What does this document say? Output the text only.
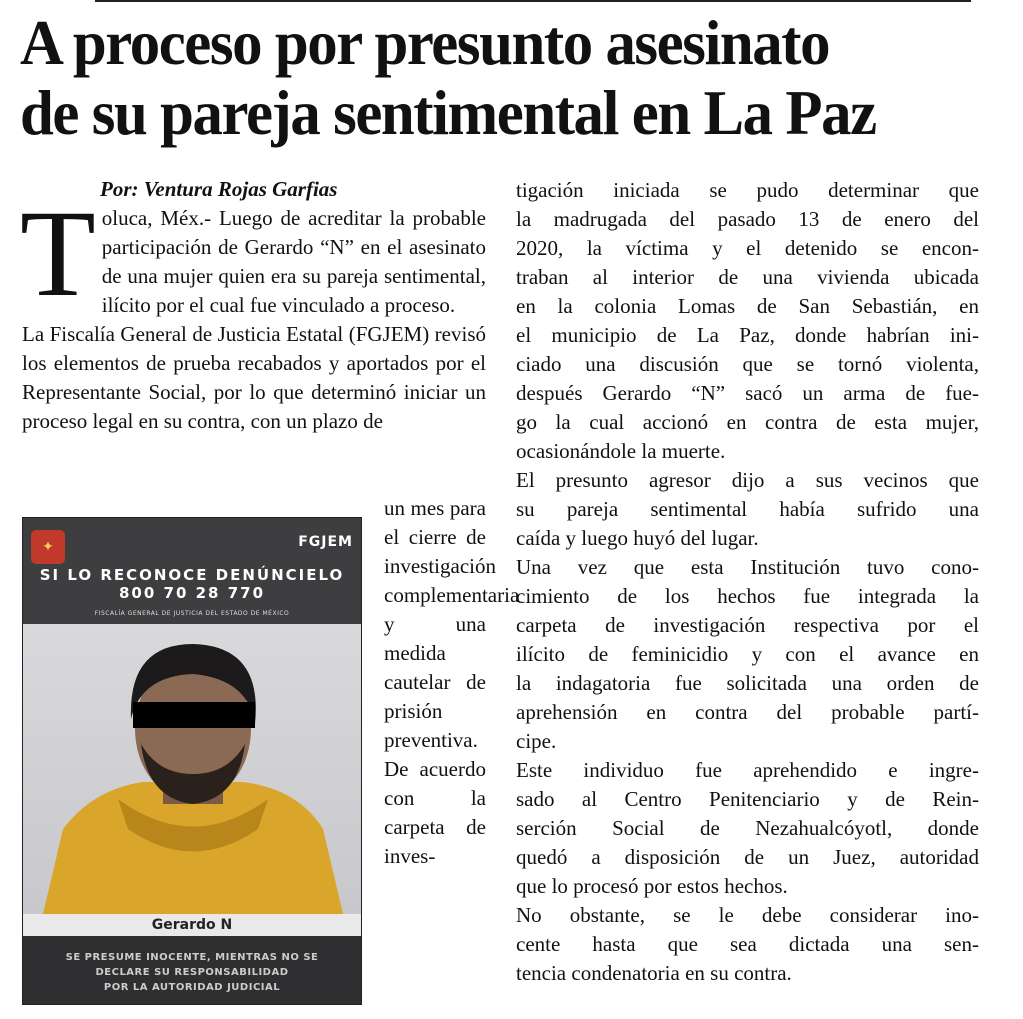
A proceso por presunto asesinato
de su pareja sentimental en La Paz
Por: Ventura Rojas Garfias

Toluca, Méx.- Luego de acreditar la probable participación de Gerardo “N” en el asesinato de una mujer quien era su pareja sentimental, ilícito por el cual fue vinculado a proceso.

La Fiscalía General de Justicia Estatal (FGJEM) revisó los elementos de prueba recabados y aportados por el Representante Social, por lo que determinó iniciar un proceso legal en su contra, con un plazo de

un mes para el cierre de investigación complementaria y una medida cautelar de prisión preventiva.

De acuerdo con la carpeta de inves-

✦	FGJEM
SI LO RECONOCE DENÚNCIELO
800 70 28 770
FISCALÍA GENERAL DE JUSTICIA DEL ESTADO DE MÉXICO
Gerardo N
SE PRESUME INOCENTE, MIENTRAS NO SE
DECLARE SU RESPONSABILIDAD
POR LA AUTORIDAD JUDICIAL
tigación iniciada se pudo determinar que
la madrugada del pasado 13 de enero del
2020, la víctima y el detenido se encon-
traban al interior de una vivienda ubicada
en la colonia Lomas de San Sebastián, en
el municipio de La Paz, donde habrían ini-
ciado una discusión que se tornó violenta,
después Gerardo “N” sacó un arma de fue-
go la cual accionó en contra de esta mujer,
ocasionándole la muerte.
El presunto agresor dijo a sus vecinos que
su pareja sentimental había sufrido una
caída y luego huyó del lugar.
Una vez que esta Institución tuvo cono-
cimiento de los hechos fue integrada la
carpeta de investigación respectiva por el
ilícito de feminicidio y con el avance en
la indagatoria fue solicitada una orden de
aprehensión en contra del probable partí-
cipe.
Este individuo fue aprehendido e ingre-
sado al Centro Penitenciario y de Rein-
serción Social de Nezahualcóyotl, donde
quedó a disposición de un Juez, autoridad
que lo procesó por estos hechos.
No obstante, se le debe considerar ino-
cente hasta que sea dictada una sen-
tencia condenatoria en su contra.
